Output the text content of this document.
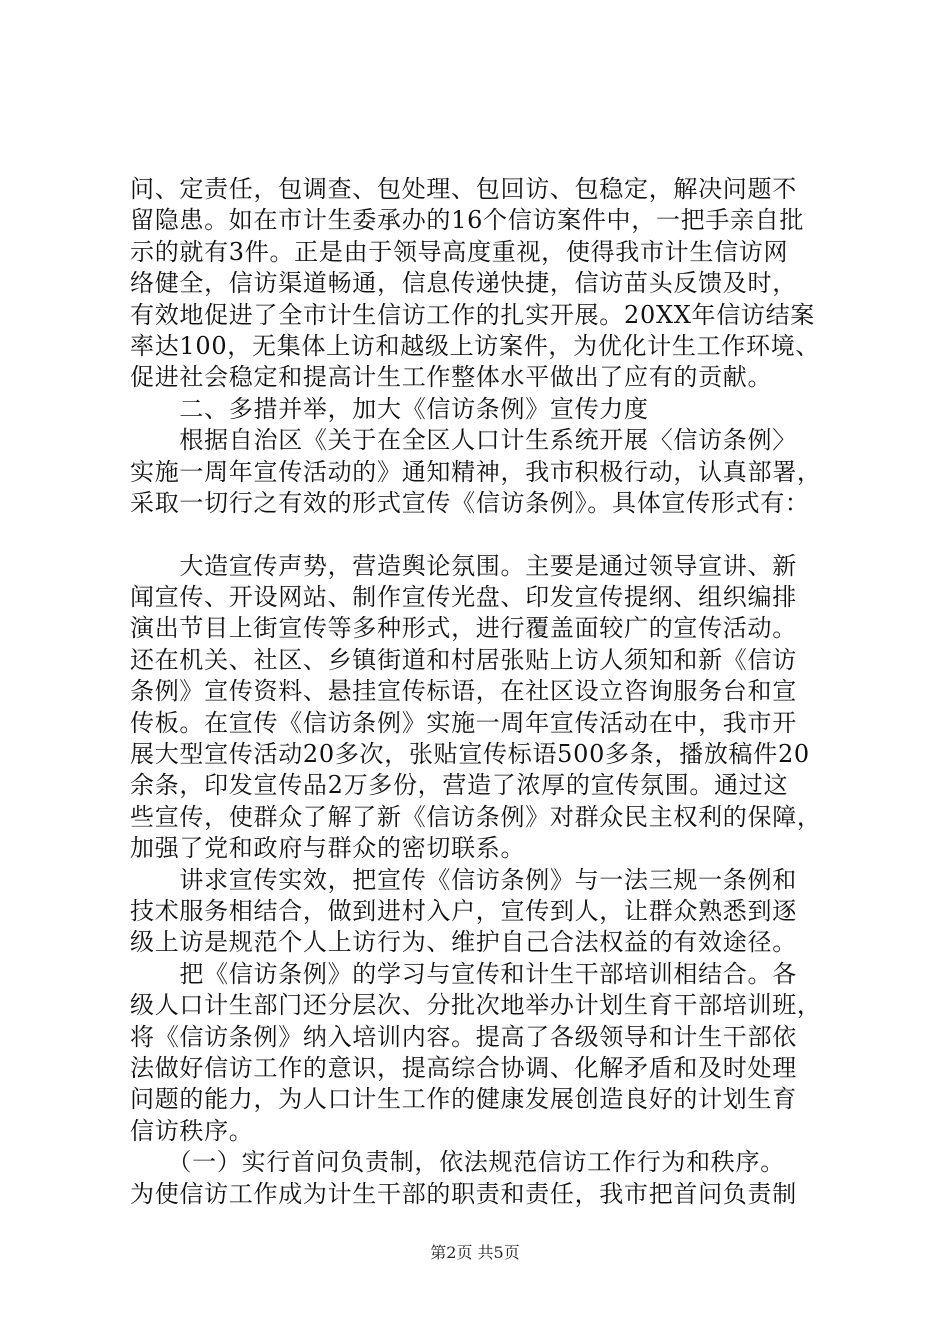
问、定责任，包调查、包处理、包回访、包稳定，解决问题不
留隐患。如在市计生委承办的16个信访案件中，一把手亲自批
示的就有3件。正是由于领导高度重视，使得我市计生信访网
络健全，信访渠道畅通，信息传递快捷，信访苗头反馈及时，
有效地促进了全市计生信访工作的扎实开展。20XX年信访结案
率达100，无集体上访和越级上访案件，为优化计生工作环境、
促进社会稳定和提高计生工作整体水平做出了应有的贡献。
　　二、多措并举，加大《信访条例》宣传力度
　　根据自治区《关于在全区人口计生系统开展〈信访条例〉
实施一周年宣传活动的》通知精神，我市积极行动，认真部署，
采取一切行之有效的形式宣传《信访条例》。具体宣传形式有：
　　大造宣传声势，营造舆论氛围。主要是通过领导宣讲、新
闻宣传、开设网站、制作宣传光盘、印发宣传提纲、组织编排
演出节目上街宣传等多种形式，进行覆盖面较广的宣传活动。
还在机关、社区、乡镇街道和村居张贴上访人须知和新《信访
条例》宣传资料、悬挂宣传标语，在社区设立咨询服务台和宣
传板。在宣传《信访条例》实施一周年宣传活动在中，我市开
展大型宣传活动20多次，张贴宣传标语500多条，播放稿件20
余条，印发宣传品2万多份，营造了浓厚的宣传氛围。通过这
些宣传，使群众了解了新《信访条例》对群众民主权利的保障，
加强了党和政府与群众的密切联系。
　　讲求宣传实效，把宣传《信访条例》与一法三规一条例和
技术服务相结合，做到进村入户，宣传到人，让群众熟悉到逐
级上访是规范个人上访行为、维护自己合法权益的有效途径。
　　把《信访条例》的学习与宣传和计生干部培训相结合。各
级人口计生部门还分层次、分批次地举办计划生育干部培训班，
将《信访条例》纳入培训内容。提高了各级领导和计生干部依
法做好信访工作的意识，提高综合协调、化解矛盾和及时处理
问题的能力，为人口计生工作的健康发展创造良好的计划生育
信访秩序。
　　（一）实行首问负责制，依法规范信访工作行为和秩序。
为使信访工作成为计生干部的职责和责任，我市把首问负责制
第2页 共5页
